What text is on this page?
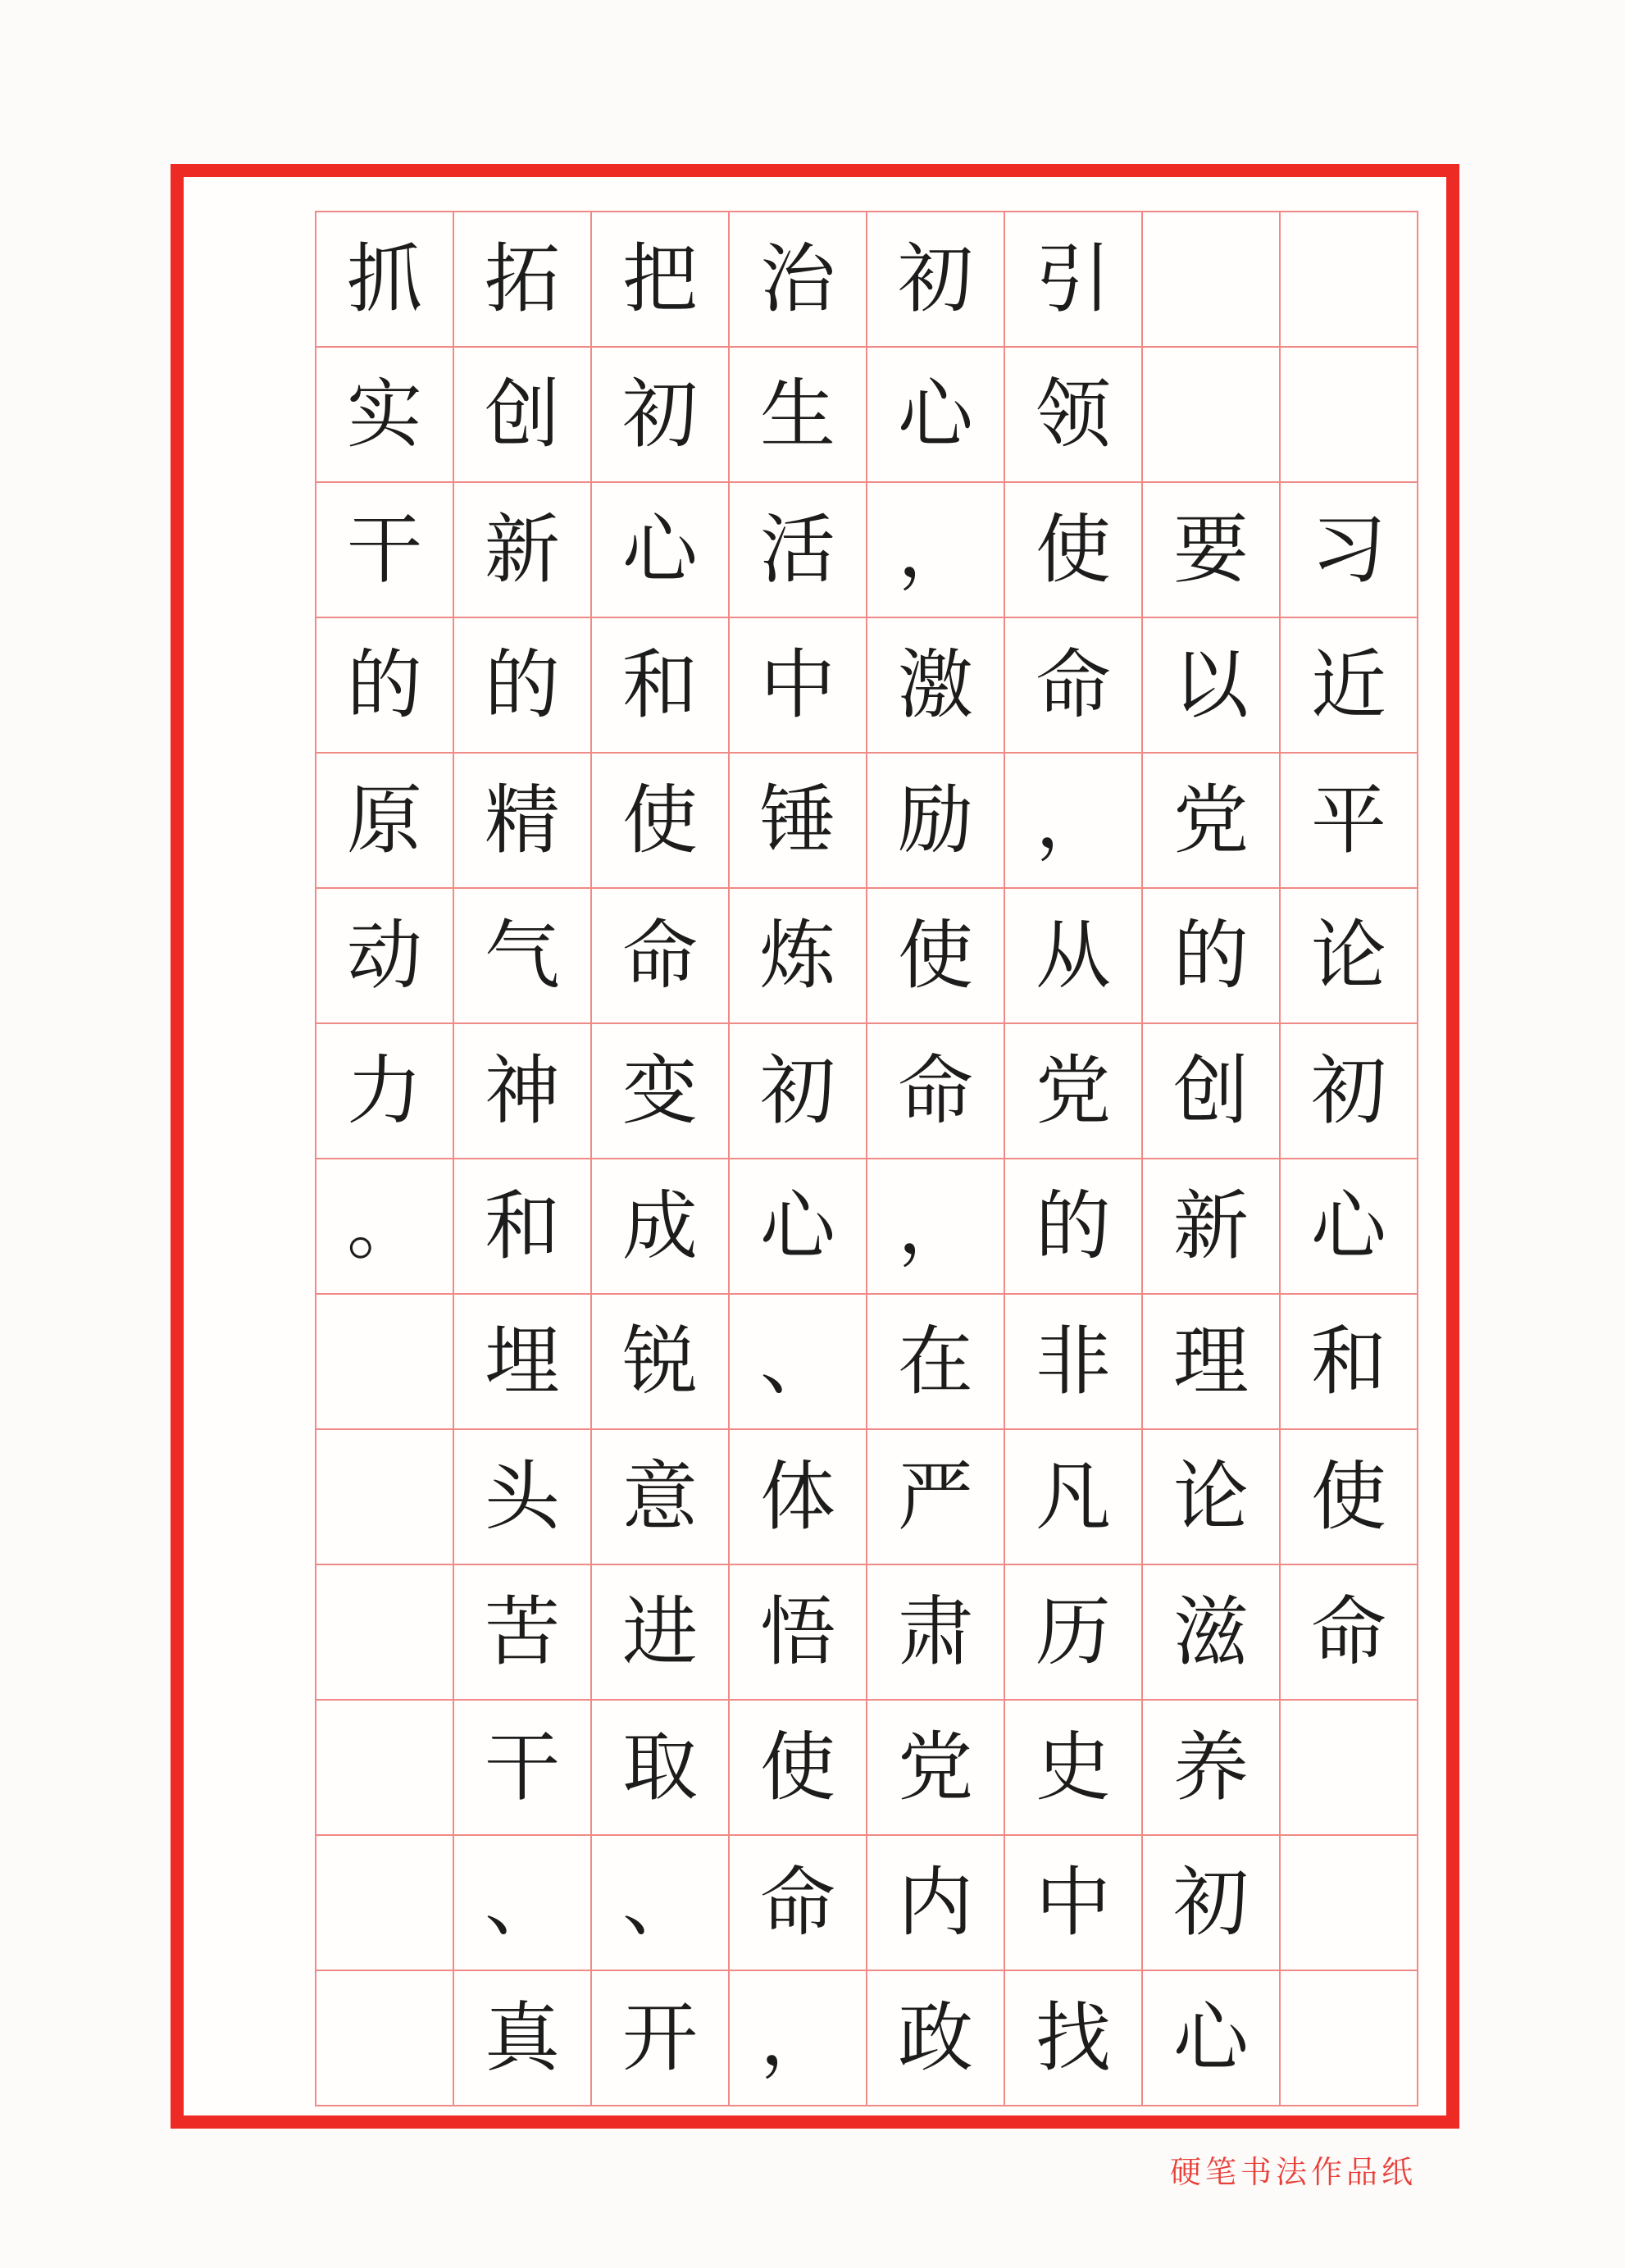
抓 拓 把 治 初 引
实 创 初 生 心 领
干 新 心 活 ， 使 要 习
的 的 和 中 激 命 以 近
原 精 使 锤 励 ， 党 平
动 气 命 炼 使 从 的 论
力 神 变 初 命 党 创 初
。 和 成 心 ， 的 新 心
埋 锐 、 在 非 理 和
头 意 体 严 凡 论 使
苦 进 悟 肃 历 滋 命
干 取 使 党 史 养
、 、 命 内 中 初
真 开 ， 政 找 心
硬笔书法作品纸
